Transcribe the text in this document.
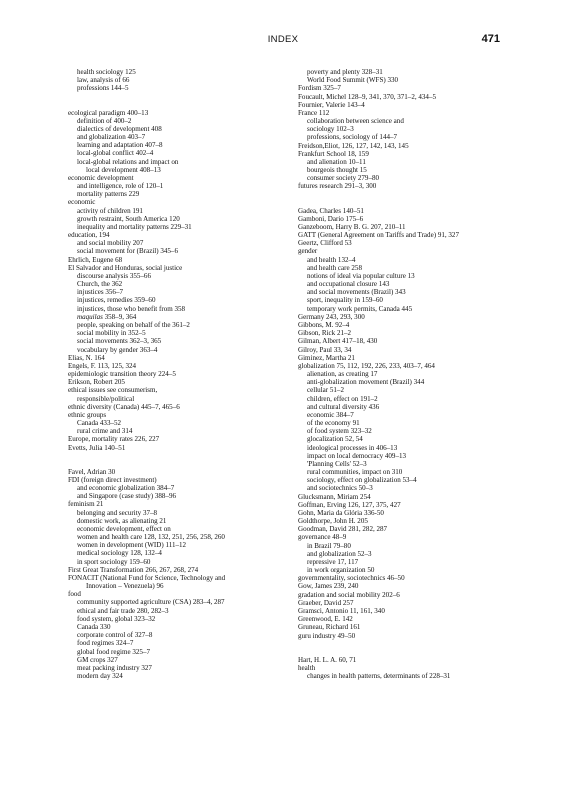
INDEX	471
health sociology 125
law, analysis of 66
professions 144–5
ecological paradigm 400–13
definition of 400–2
dialectics of development 408
and globalization 403–7
learning and adaptation 407–8
local-global conflict 402–4
local-global relations and impact on
local development 408–13
economic development
and intelligence, role of 120–1
mortality patterns 229
economic
activity of children 191
growth restraint, South America 120
inequality and mortality patterns 229–31
education, 194
and social mobility 207
social movement for (Brazil) 345–6
Ehrlich, Eugene 68
El Salvador and Honduras, social justice
discourse analysis 355–66
Church, the 362
injustices 356–7
injustices, remedies 359–60
injustices, those who benefit from 358
maquilas 358–9, 364
people, speaking on behalf of the 361–2
social mobility in 352–5
social movements 362–3, 365
vocabulary by gender 363–4
Elias, N. 164
Engels, F. 113, 125, 324
epidemiologic transition theory 224–5
Erikson, Robert 205
ethical issues see consumerism,
responsible/political
ethnic diversity (Canada) 445–7, 465–6
ethnic groups
Canada 433–52
rural crime and 314
Europe, mortality rates 226, 227
Evetts, Julia 140–51
Favel, Adrian 30
FDI (foreign direct investment)
and economic globalization 384–7
and Singapore (case study) 388–96
feminism 21
belonging and security 37–8
domestic work, as alienating 21
economic development, effect on
women and health care 128, 132, 251, 256, 258, 260
women in development (WID) 111–12
medical sociology 128, 132–4
in sport sociology 159–60
First Great Transformation 266, 267, 268, 274
FONACIT (National Fund for Science, Technology and
Innovation – Venezuela) 96
food
community supported agriculture (CSA) 283–4, 287
ethical and fair trade 280, 282–3
food system, global 323–32
Canada 330
corporate control of 327–8
food regimes 324–7
global food regime 325–7
GM crops 327
meat packing industry 327
modern day 324
poverty and plenty 328–31
World Food Summit (WFS) 330
Fordism 325–7
Foucault, Michel 128–9, 341, 370, 371–2, 434–5
Fournier, Valerie 143–4
France 112
collaboration between science and
sociology 102–3
professions, sociology of 144–7
Freidson,Eliot, 126, 127, 142, 143, 145
Frankfurt School 18, 159
and alienation 10–11
bourgeois thought 15
consumer society 279–80
futures research 291–3, 300
Gadea, Charles 140–51
Gamboni, Dario 175–6
Ganzeboom, Harry B. G. 207, 210–11
GATT (General Agreement on Tariffs and Trade) 91, 327
Geertz, Clifford 53
gender
and health 132–4
and health care 258
notions of ideal via popular culture 13
and occupational closure 143
and social movements (Brazil) 343
sport, inequality in 159–60
temporary work permits, Canada 445
Germany 243, 293, 300
Gibbons, M. 92–4
Gibson, Rick 21–2
Gilman, Albert 417–18, 430
Gilroy, Paul 33, 34
Giminez, Martha 21
globalization 75, 112, 192, 226, 233, 403–7, 464
alienation, as creating 17
anti-globalization movement (Brazil) 344
cellular 51–2
children, effect on 191–2
and cultural diversity 436
economic 384–7
of the economy 91
of food system 323–32
glocalization 52, 54
ideological processes in 406–13
impact on local democracy 409–13
'Planning Cells' 52–3
rural communities, impact on 310
sociology, effect on globalization 53–4
and sociotechnics 50–3
Glucksmann, Miriam 254
Goffman, Erving 126, 127, 375, 427
Gohn, Maria da Glória 336-50
Goldthorpe, John H. 205
Goodman, David 281, 282, 287
governance 48–9
in Brazil 79–80
and globalization 52–3
repressive 17, 117
in work organization 50
governmentality, sociotechnics 46–50
Gow, James 239, 240
gradation and social mobility 202–6
Graeber, David 257
Gramsci, Antonio 11, 161, 340
Greenwood, E. 142
Gruneau, Richard 161
guru industry 49–50
Hart, H. L. A. 60, 71
health
changes in health patterns, determinants of 228–31
